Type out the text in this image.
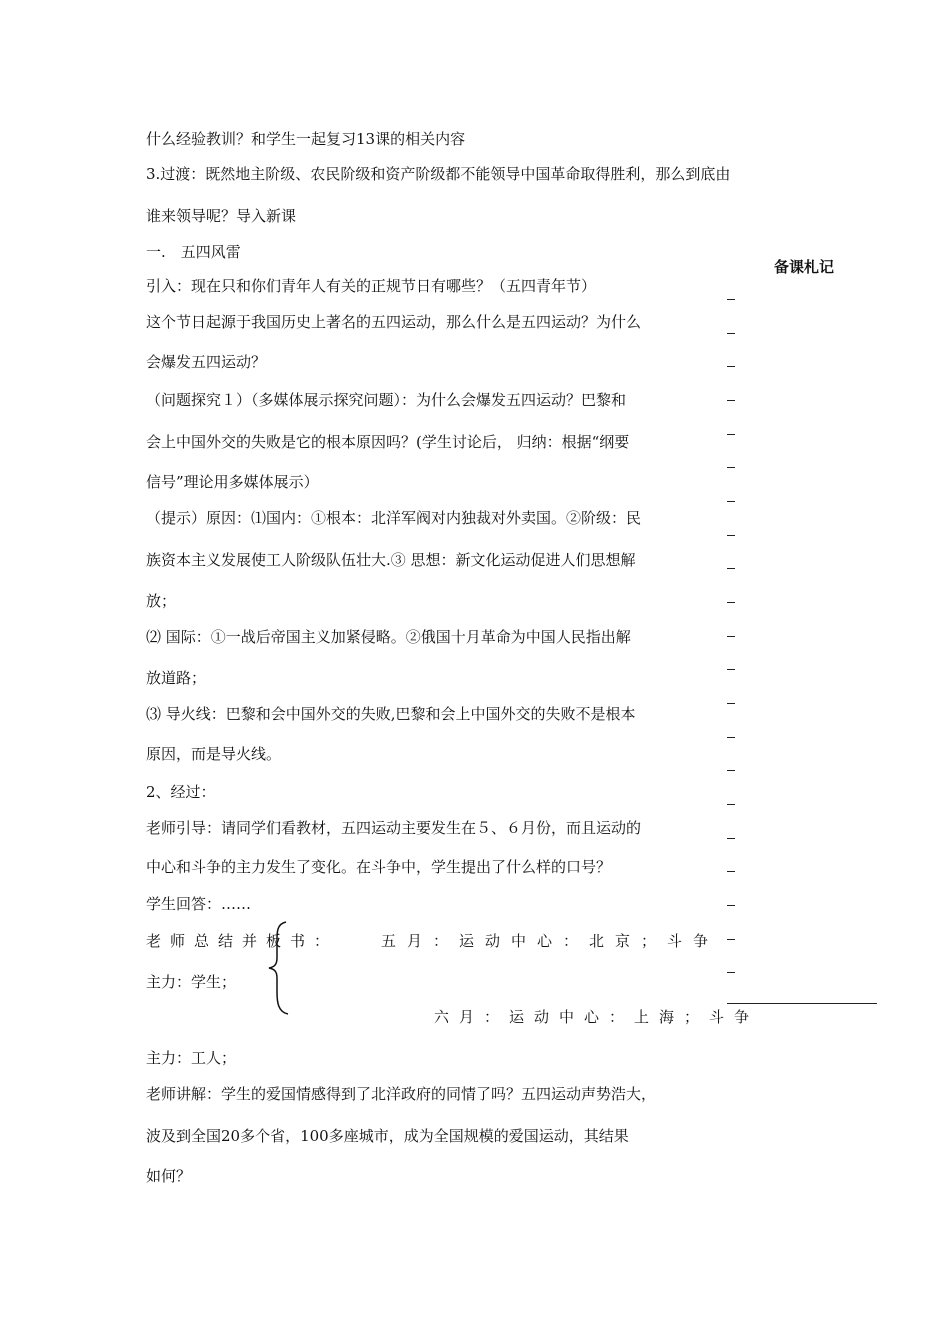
什么经验教训？和学生一起复习13课的相关内容
3.过渡：既然地主阶级、农民阶级和资产阶级都不能领导中国革命取得胜利，那么到底由
谁来领导呢？导入新课
一.　五四风雷
引入：现在只和你们青年人有关的正规节日有哪些？（五四青年节）
这个节日起源于我国历史上著名的五四运动，那么什么是五四运动？为什么
会爆发五四运动？
（问题探究１）（多媒体展示探究问题）：为什么会爆发五四运动？巴黎和
会上中国外交的失败是它的根本原因吗？(学生讨论后， 归纳：根据“纲要
信号”理论用多媒体展示）
（提示）原因：⑴国内：①根本：北洋军阀对内独裁对外卖国。②阶级：民
族资本主义发展使工人阶级队伍壮大.③ 思想：新文化运动促进人们思想解
放；
⑵ 国际：①一战后帝国主义加紧侵略。②俄国十月革命为中国人民指出解
放道路；
⑶ 导火线：巴黎和会中国外交的失败,巴黎和会上中国外交的失败不是根本
原因，而是导火线。
2、经过：
老师引导：请同学们看教材，五四运动主要发生在５、６月份，而且运动的
中心和斗争的主力发生了变化。在斗争中，学生提出了什么样的口号？
学生回答：……
老师总结并板书：	五月：运动中心：北京；斗争
主力：学生；
六月：运动中心：上海；斗争
主力：工人；
老师讲解：学生的爱国情感得到了北洋政府的同情了吗？五四运动声势浩大，
波及到全国20多个省，100多座城市，成为全国规模的爱国运动，其结果
如何？
备课札记
